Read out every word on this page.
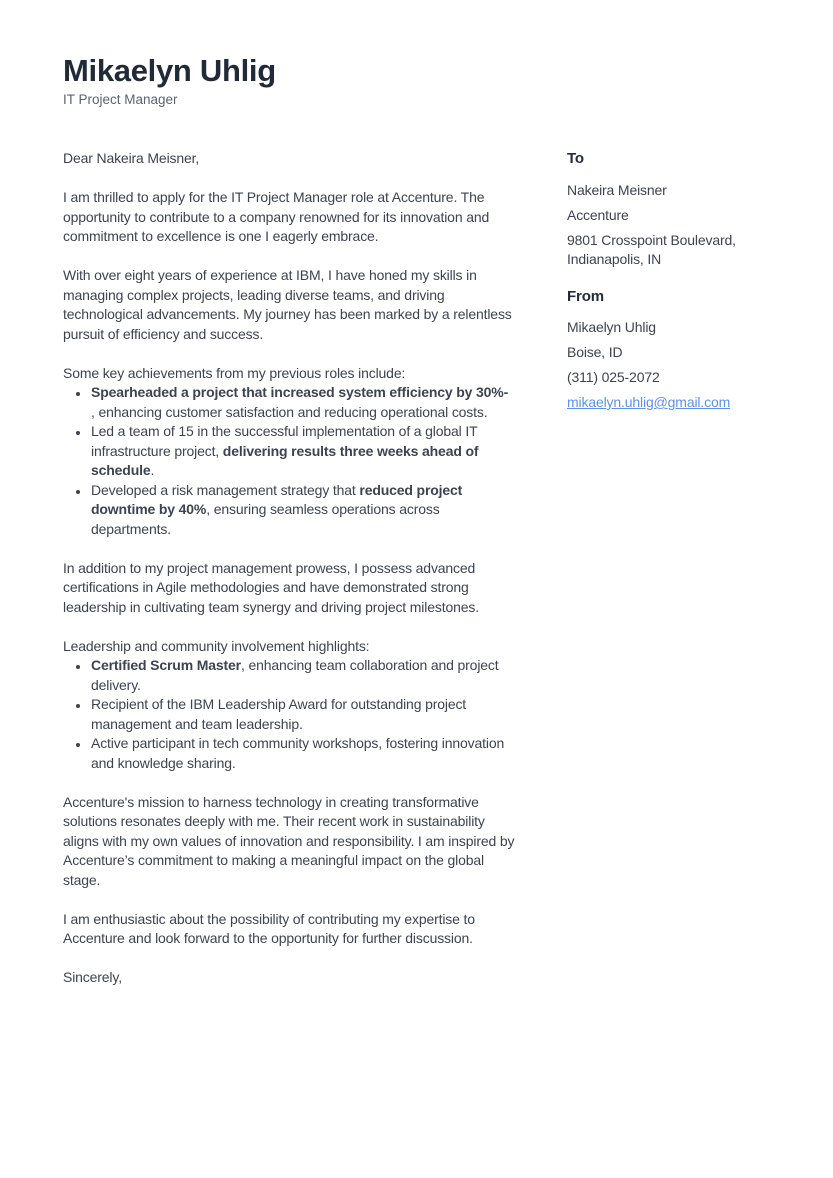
Mikaelyn Uhlig
IT Project Manager

Dear Nakeira Meisner,

I am thrilled to apply for the IT Project Manager role at Accenture. The opportunity to contribute to a company renowned for its innovation and commitment to excellence is one I eagerly embrace.

With over eight years of experience at IBM, I have honed my skills in managing complex projects, leading diverse teams, and driving technological advancements. My journey has been marked by a relentless pursuit of efficiency and success.

Some key achievements from my previous roles include:

• Spearheaded a project that increased system efficiency by 30%-
, enhancing customer satisfaction and reducing operational costs.
• Led a team of 15 in the successful implementation of a global IT infrastructure project, delivering results three weeks ahead of schedule.
• Developed a risk management strategy that reduced project downtime by 40%, ensuring seamless operations across departments.

In addition to my project management prowess, I possess advanced certifications in Agile methodologies and have demonstrated strong leadership in cultivating team synergy and driving project milestones.

Leadership and community involvement highlights:

• Certified Scrum Master, enhancing team collaboration and project delivery.
• Recipient of the IBM Leadership Award for outstanding project management and team leadership.
• Active participant in tech community workshops, fostering innovation and knowledge sharing.

Accenture's mission to harness technology in creating transformative solutions resonates deeply with me. Their recent work in sustainability aligns with my own values of innovation and responsibility. I am inspired by Accenture’s commitment to making a meaningful impact on the global stage.

I am enthusiastic about the possibility of contributing my expertise to Accenture and look forward to the opportunity for further discussion.

Sincerely,

To
Nakeira Meisner
Accenture
9801 Crosspoint Boulevard, Indianapolis, IN
From
Mikaelyn Uhlig
Boise, ID
(311) 025-2072
mikaelyn.uhlig@gmail.com
